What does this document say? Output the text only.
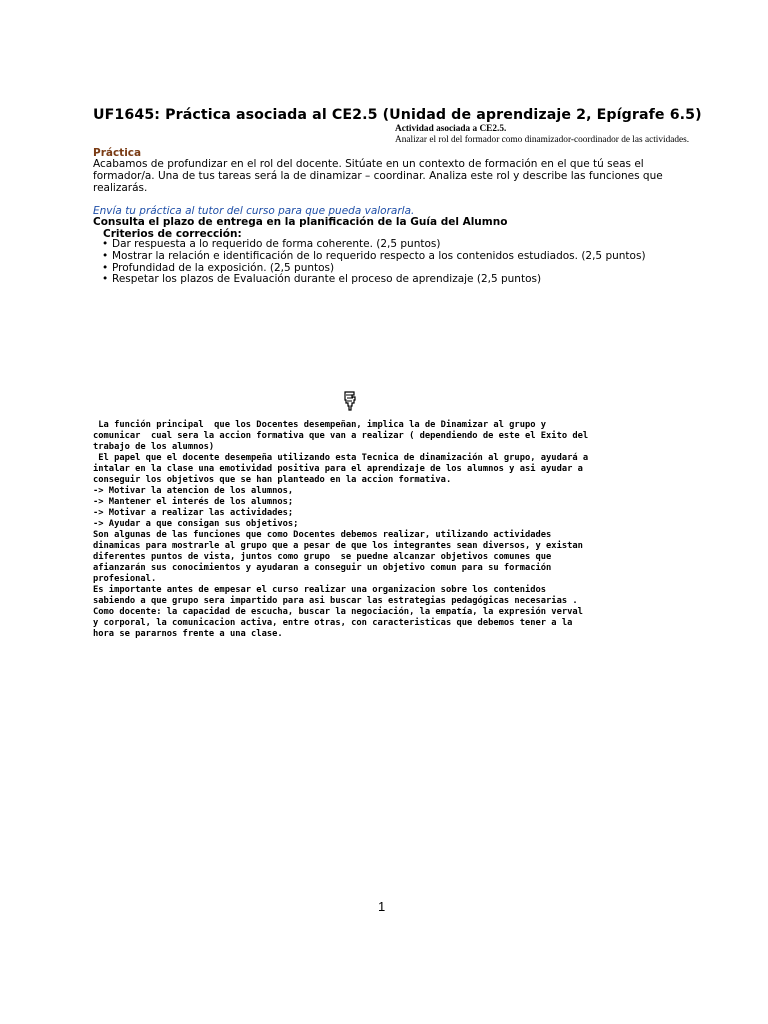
UF1645: Práctica asociada al CE2.5 (Unidad de aprendizaje 2, Epígrafe 6.5)
Actividad asociada a CE2.5.
Analizar el rol del formador como dinamizador-coordinador de las actividades.
Práctica
Acabamos de profundizar en el rol del docente. Sitúate en un contexto de formación en el que tú seas el formador/a. Una de tus tareas será la de dinamizar – coordinar. Analiza este rol y describe las funciones que realizarás.
Envía tu práctica al tutor del curso para que pueda valorarla.
Consulta el plazo de entrega en la planificación de la Guía del Alumno
Criterios de corrección:
• Dar respuesta a lo requerido de forma coherente. (2,5 puntos)
• Mostrar la relación e identificación de lo requerido respecto a los contenidos estudiados. (2,5 puntos)
• Profundidad de la exposición. (2,5 puntos)
• Respetar los plazos de Evaluación durante el proceso de aprendizaje (2,5 puntos)
La función principal  que los Docentes desempeñan, implica la de Dinamizar al grupo y
comunicar  cual sera la accion formativa que van a realizar ( dependiendo de este el Exito del
trabajo de los alumnos)
El papel que el docente desempeña utilizando esta Tecnica de dinamización al grupo, ayudará a
intalar en la clase una emotividad positiva para el aprendizaje de los alumnos y asi ayudar a
conseguir los objetivos que se han planteado en la accion formativa.
-> Motivar la atencion de los alumnos,
-> Mantener el interés de los alumnos;
-> Motivar a realizar las actividades;
-> Ayudar a que consigan sus objetivos;
Son algunas de las funciones que como Docentes debemos realizar, utilizando actividades
dinamicas para mostrarle al grupo que a pesar de que los integrantes sean diversos, y existan
diferentes puntos de vista, juntos como grupo  se puedne alcanzar objetivos comunes que
afianzarán sus conocimientos y ayudaran a conseguir un objetivo comun para su formación
profesional.
Es importante antes de empesar el curso realizar una organizacion sobre los contenidos
sabiendo a que grupo sera impartido para asi buscar las estrategias pedagógicas necesarias .
Como docente: la capacidad de escucha, buscar la negociación, la empatía, la expresión verval
y corporal, la comunicacion activa, entre otras, con caracteristicas que debemos tener a la
hora se pararnos frente a una clase.
1
